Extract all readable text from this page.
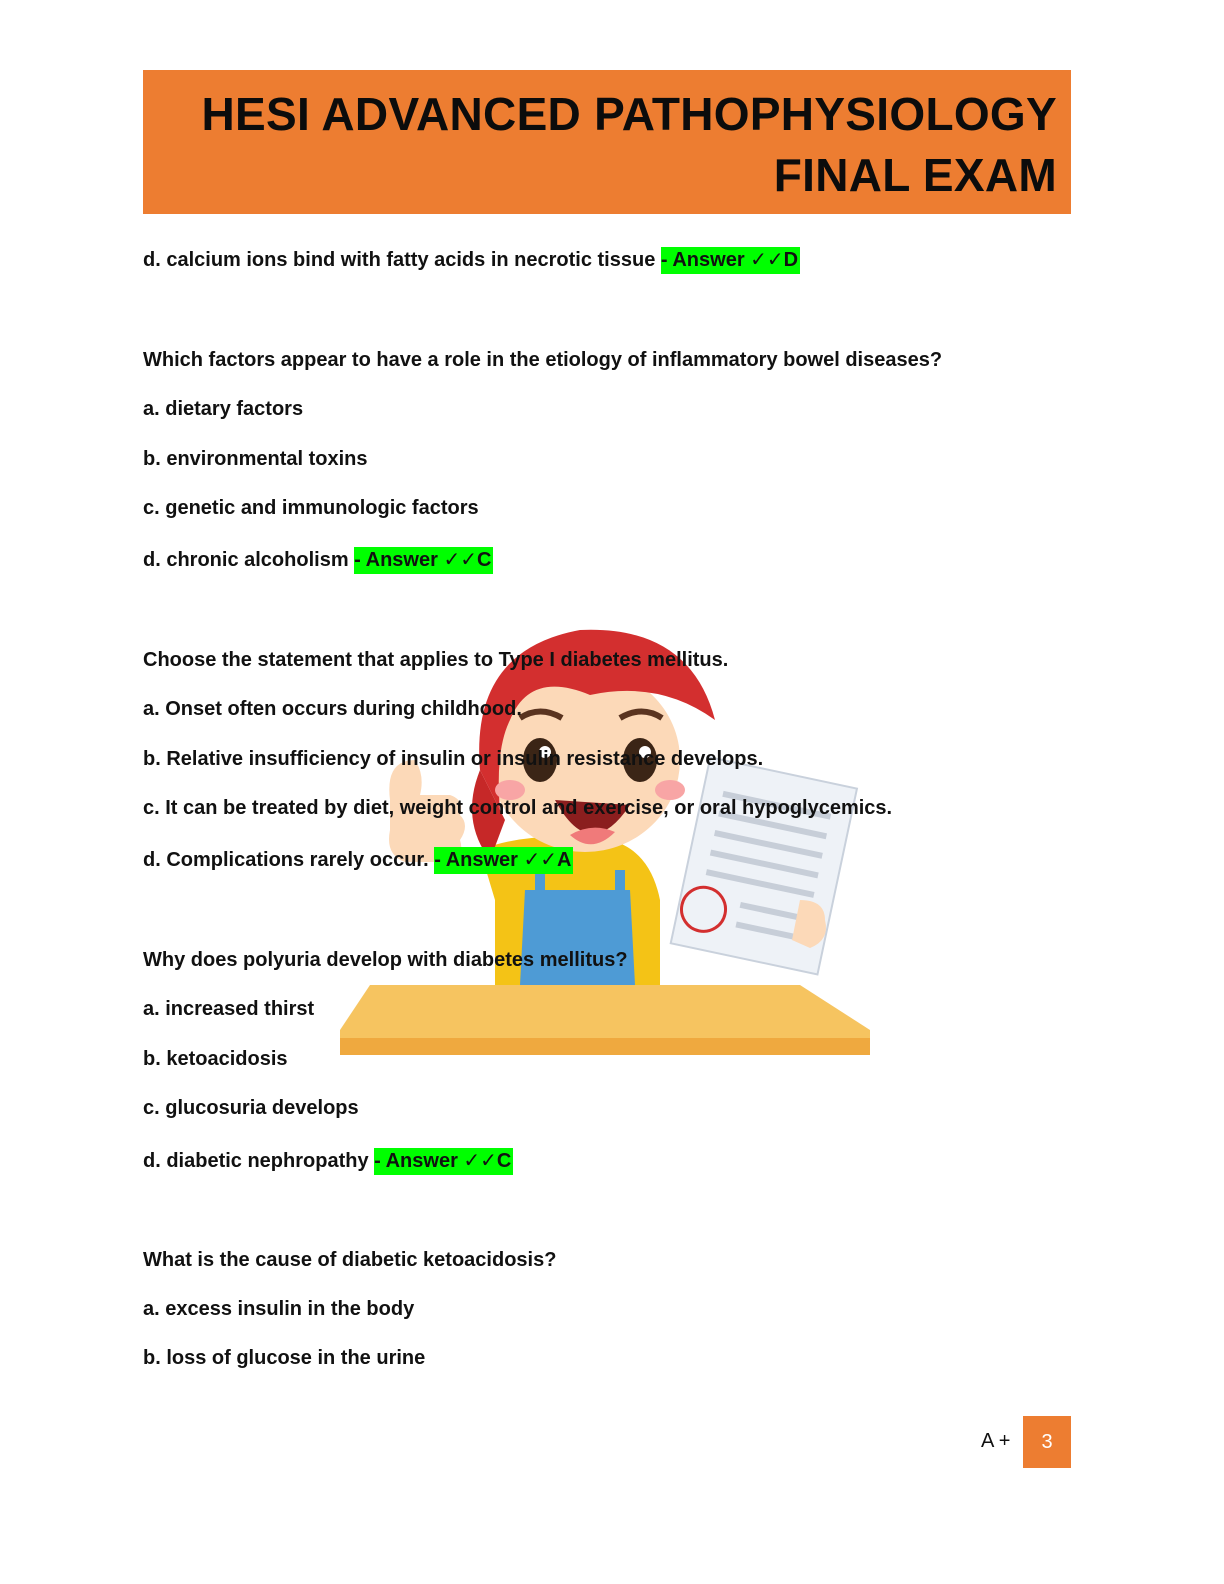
HESI ADVANCED PATHOPHYSIOLOGY
FINAL EXAM
d. calcium ions bind with fatty acids in necrotic tissue - Answer ✓✓D
Which factors appear to have a role in the etiology of inflammatory bowel diseases?
a. dietary factors
b. environmental toxins
c. genetic and immunologic factors
d. chronic alcoholism - Answer ✓✓C
Choose the statement that applies to Type I diabetes mellitus.
a. Onset often occurs during childhood.
b. Relative insufficiency of insulin or insulin resistance develops.
c. It can be treated by diet, weight control and exercise, or oral hypoglycemics.
d. Complications rarely occur. - Answer ✓✓A
Why does polyuria develop with diabetes mellitus?
a. increased thirst
b. ketoacidosis
c. glucosuria develops
d. diabetic nephropathy - Answer ✓✓C
What is the cause of diabetic ketoacidosis?
a. excess insulin in the body
b. loss of glucose in the urine
A +	3
